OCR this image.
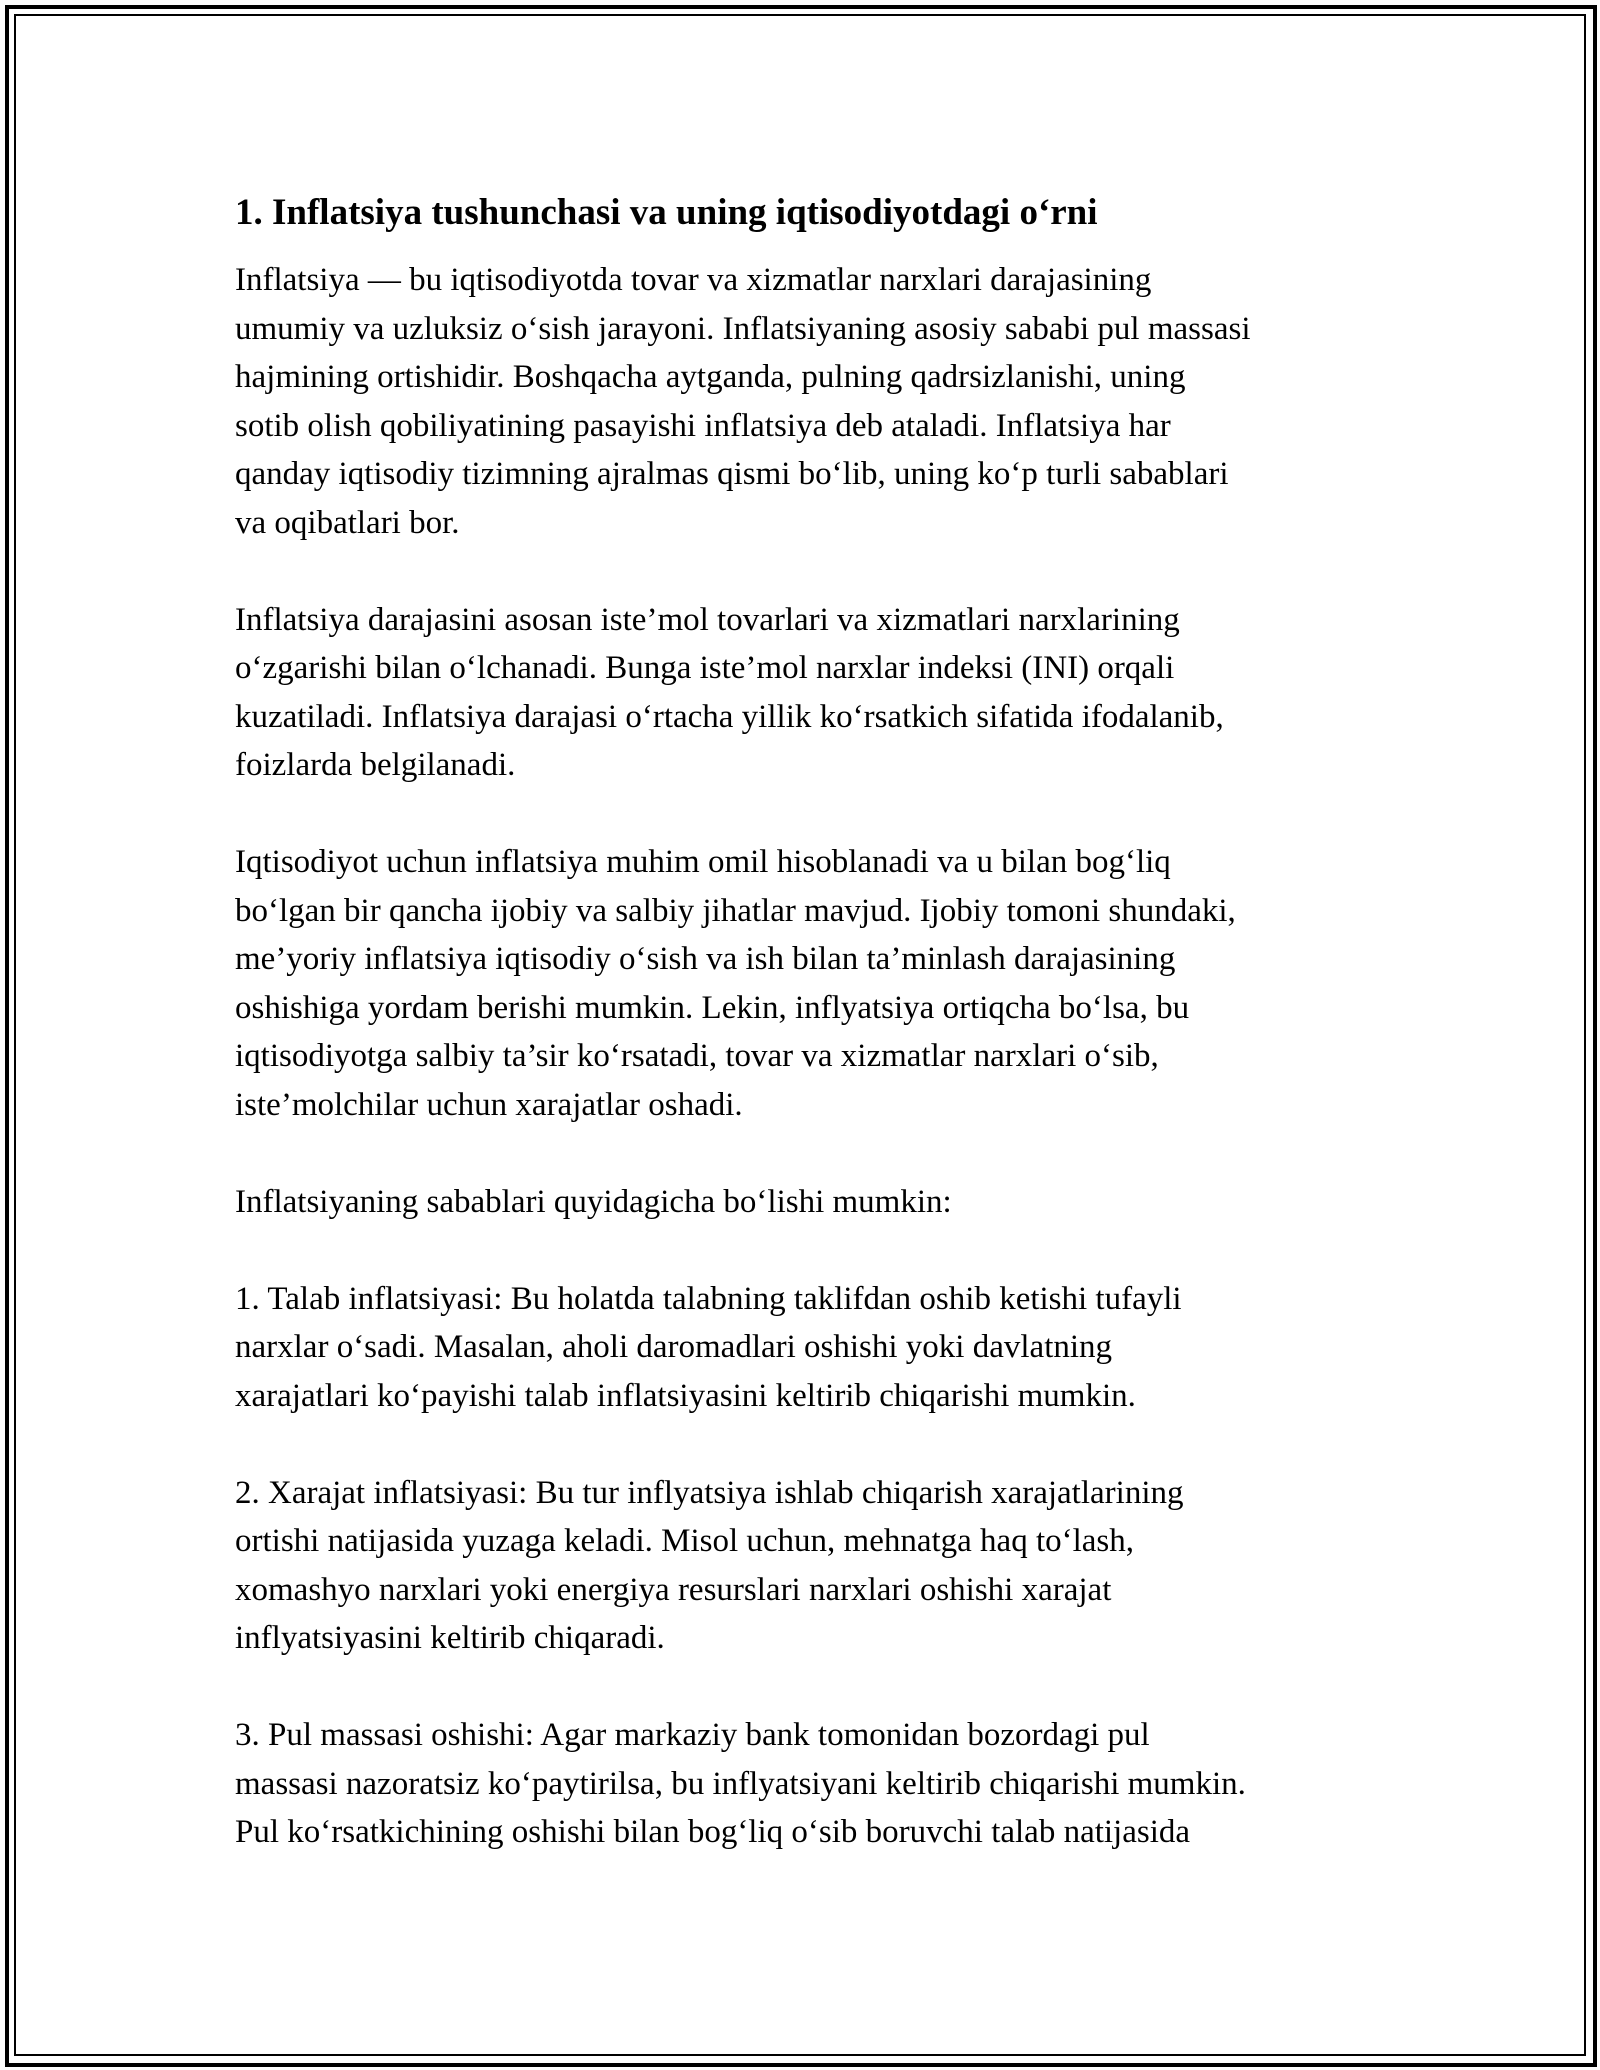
1. Inflatsiya tushunchasi va uning iqtisodiyotdagi o‘rni

Inflatsiya — bu iqtisodiyotda tovar va xizmatlar narxlari darajasining
umumiy va uzluksiz o‘sish jarayoni. Inflatsiyaning asosiy sababi pul massasi
hajmining ortishidir. Boshqacha aytganda, pulning qadrsizlanishi, uning
sotib olish qobiliyatining pasayishi inflatsiya deb ataladi. Inflatsiya har
qanday iqtisodiy tizimning ajralmas qismi bo‘lib, uning ko‘p turli sabablari
va oqibatlari bor.

Inflatsiya darajasini asosan iste’mol tovarlari va xizmatlari narxlarining
o‘zgarishi bilan o‘lchanadi. Bunga iste’mol narxlar indeksi (INI) orqali
kuzatiladi. Inflatsiya darajasi o‘rtacha yillik ko‘rsatkich sifatida ifodalanib,
foizlarda belgilanadi.

Iqtisodiyot uchun inflatsiya muhim omil hisoblanadi va u bilan bog‘liq
bo‘lgan bir qancha ijobiy va salbiy jihatlar mavjud. Ijobiy tomoni shundaki,
me’yoriy inflatsiya iqtisodiy o‘sish va ish bilan ta’minlash darajasining
oshishiga yordam berishi mumkin. Lekin, inflyatsiya ortiqcha bo‘lsa, bu
iqtisodiyotga salbiy ta’sir ko‘rsatadi, tovar va xizmatlar narxlari o‘sib,
iste’molchilar uchun xarajatlar oshadi.

Inflatsiyaning sabablari quyidagicha bo‘lishi mumkin:

1. Talab inflatsiyasi: Bu holatda talabning taklifdan oshib ketishi tufayli
narxlar o‘sadi. Masalan, aholi daromadlari oshishi yoki davlatning
xarajatlari ko‘payishi talab inflatsiyasini keltirib chiqarishi mumkin.

2. Xarajat inflatsiyasi: Bu tur inflyatsiya ishlab chiqarish xarajatlarining
ortishi natijasida yuzaga keladi. Misol uchun, mehnatga haq to‘lash,
xomashyo narxlari yoki energiya resurslari narxlari oshishi xarajat
inflyatsiyasini keltirib chiqaradi.

3. Pul massasi oshishi: Agar markaziy bank tomonidan bozordagi pul
massasi nazoratsiz ko‘paytirilsa, bu inflyatsiyani keltirib chiqarishi mumkin.
Pul ko‘rsatkichining oshishi bilan bog‘liq o‘sib boruvchi talab natijasida
